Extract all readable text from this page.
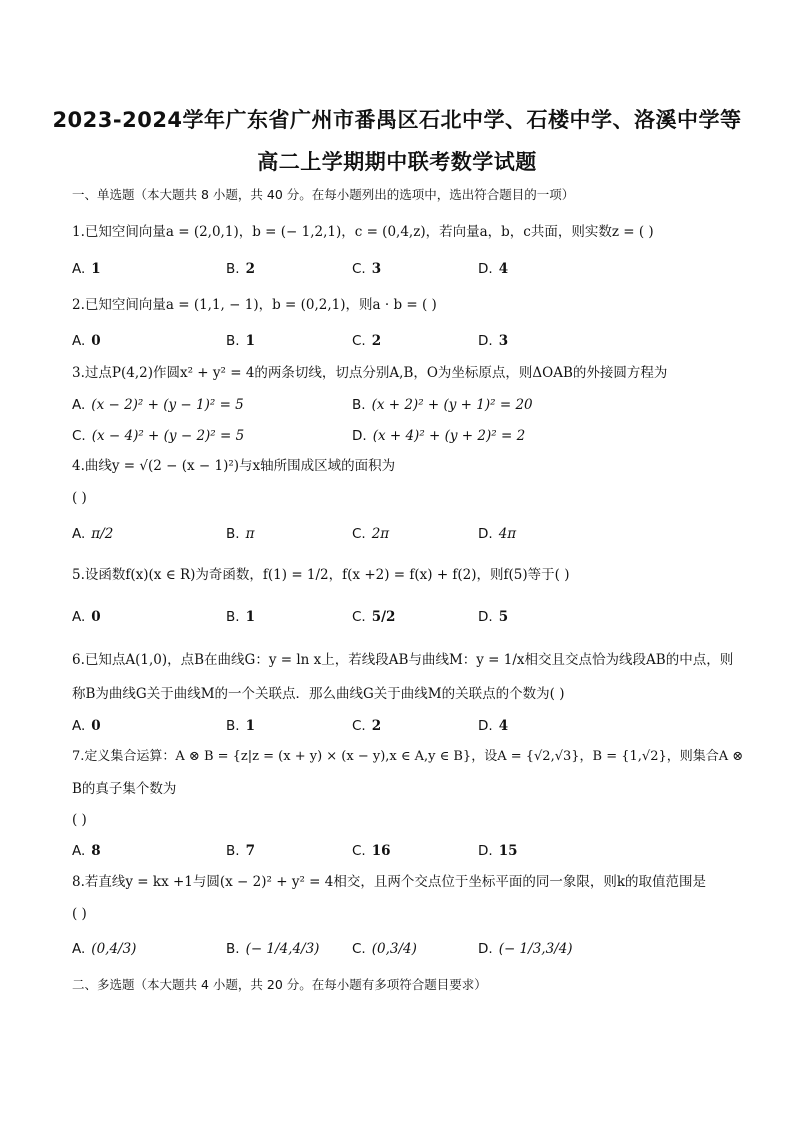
2023-2024学年广东省广州市番禺区石北中学、石楼中学、洛溪中学等
高二上学期期中联考数学试题
一、单选题（本大题共 8 小题，共 40 分。在每小题列出的选项中，选出符合题目的一项）
1.已知空间向量a = (2,0,1)，b = (− 1,2,1)，c = (0,4,z)，若向量a，b，c共面，则实数z = ( )
A. 1	B. 2	C. 3	D. 4
2.已知空间向量a = (1,1, − 1)，b = (0,2,1)，则a · b = ( )
A. 0	B. 1	C. 2	D. 3
3.过点P(4,2)作圆x² + y² = 4的两条切线，切点分别A,B，O为坐标原点，则ΔOAB的外接圆方程为
A. (x − 2)² + (y − 1)² = 5	B. (x + 2)² + (y + 1)² = 20
C. (x − 4)² + (y − 2)² = 5	D. (x + 4)² + (y + 2)² = 2
4.曲线y = √(2 − (x − 1)²)与x轴所围成区域的面积为
( )
A. π/2	B. π	C. 2π	D. 4π
5.设函数f(x)(x ∈ R)为奇函数，f(1) = 1/2，f(x +2) = f(x) + f(2)，则f(5)等于( )
A. 0	B. 1	C. 5/2	D. 5
6.已知点A(1,0)，点B在曲线G：y = ln x上，若线段AB与曲线M：y = 1/x相交且交点恰为线段AB的中点，则
称B为曲线G关于曲线M的一个关联点．那么曲线G关于曲线M的关联点的个数为( )
A. 0	B. 1	C. 2	D. 4
7.定义集合运算：A ⊗ B = {z|z = (x + y) × (x − y),x ∈ A,y ∈ B}，设A = {√2,√3}，B = {1,√2}，则集合A ⊗
B的真子集个数为
( )
A. 8	B. 7	C. 16	D. 15
8.若直线y = kx +1与圆(x − 2)² + y² = 4相交，且两个交点位于坐标平面的同一象限，则k的取值范围是
( )
A. (0,4/3)	B. (− 1/4,4/3) C. (0,3/4)	D. (− 1/3,3/4)
二、多选题（本大题共 4 小题，共 20 分。在每小题有多项符合题目要求）
